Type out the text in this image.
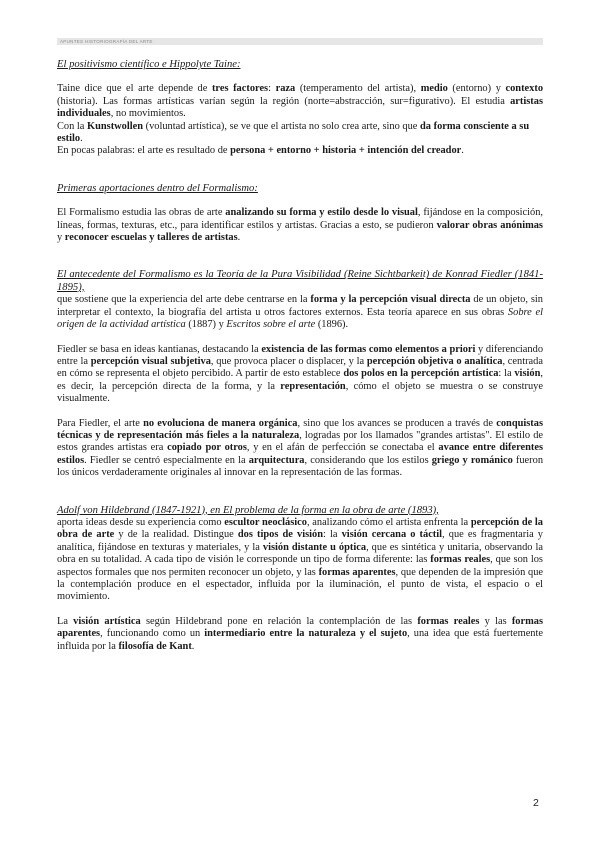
APUNTES HISTORIOGRAFÍA DEL ARTE

El positivismo científico e Hippolyte Taine:

Taine dice que el arte depende de tres factores: raza (temperamento del artista), medio (entorno) y contexto (historia). Las formas artísticas varían según la región (norte=abstracción, sur=figurativo). El estudia artistas individuales, no movimientos.

Con la Kunstwollen (voluntad artística), se ve que el artista no solo crea arte, sino que da forma consciente a su estilo.

En pocas palabras: el arte es resultado de persona + entorno + historia + intención del creador.

Primeras aportaciones dentro del Formalismo:

El Formalismo estudia las obras de arte analizando su forma y estilo desde lo visual, fijándose en la composición, líneas, formas, texturas, etc., para identificar estilos y artistas. Gracias a esto, se pudieron valorar obras anónimas y reconocer escuelas y talleres de artistas.

El antecedente del Formalismo es la Teoría de la Pura Visibilidad (Reine Sichtbarkeit) de Konrad Fiedler (1841-1895),

que sostiene que la experiencia del arte debe centrarse en la forma y la percepción visual directa de un objeto, sin interpretar el contexto, la biografía del artista u otros factores externos. Esta teoría aparece en sus obras Sobre el origen de la actividad artística (1887) y Escritos sobre el arte (1896).

Fiedler se basa en ideas kantianas, destacando la existencia de las formas como elementos a priori y diferenciando entre la percepción visual subjetiva, que provoca placer o displacer, y la percepción objetiva o analítica, centrada en cómo se representa el objeto percibido. A partir de esto establece dos polos en la percepción artística: la visión, es decir, la percepción directa de la forma, y la representación, cómo el objeto se muestra o se construye visualmente.

Para Fiedler, el arte no evoluciona de manera orgánica, sino que los avances se producen a través de conquistas técnicas y de representación más fieles a la naturaleza, logradas por los llamados "grandes artistas". El estilo de estos grandes artistas era copiado por otros, y en el afán de perfección se conectaba el avance entre diferentes estilos. Fiedler se centró especialmente en la arquitectura, considerando que los estilos griego y románico fueron los únicos verdaderamente originales al innovar en la representación de las formas.

Adolf von Hildebrand (1847-1921), en El problema de la forma en la obra de arte (1893),

aporta ideas desde su experiencia como escultor neoclásico, analizando cómo el artista enfrenta la percepción de la obra de arte y de la realidad. Distingue dos tipos de visión: la visión cercana o táctil, que es fragmentaria y analítica, fijándose en texturas y materiales, y la visión distante u óptica, que es sintética y unitaria, observando la obra en su totalidad. A cada tipo de visión le corresponde un tipo de forma diferente: las formas reales, que son los aspectos formales que nos permiten reconocer un objeto, y las formas aparentes, que dependen de la impresión que la contemplación produce en el espectador, influida por la iluminación, el punto de vista, el espacio o el movimiento.

La visión artística según Hildebrand pone en relación la contemplación de las formas reales y las formas aparentes, funcionando como un intermediario entre la naturaleza y el sujeto, una idea que está fuertemente influida por la filosofía de Kant.

2
